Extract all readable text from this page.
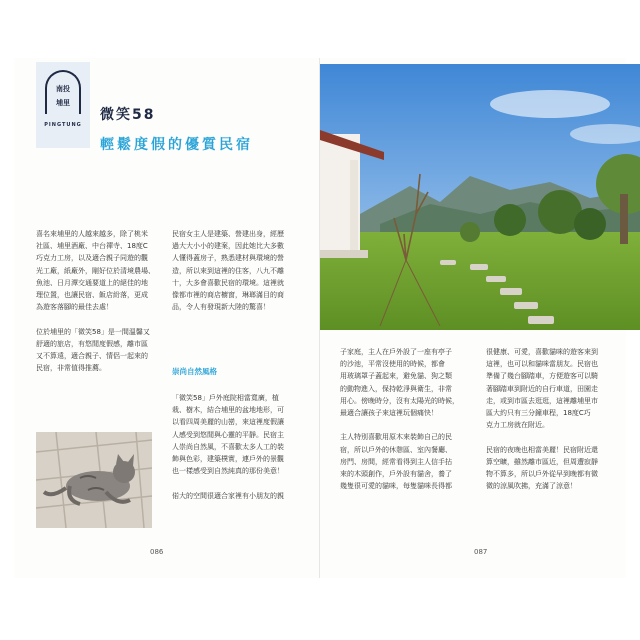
南投
埔里
PINGTUNG
微笑58
輕鬆度假的優質民宿
喜名來埔里的人越來越多，除了桃米
社區、埔里酒廠、中台禪寺、18度C
巧克力工房，以及適合親子同遊的觀
光工廠，紙廠外，剛好位於清境農場、
魚池、日月潭交通要道上的絕佳的地
理位置，也讓民宿、飯店紛落，更成
為遊客落腳的最佳去處！

位於埔里的「微笑58」是一間溫馨又
舒適的旅店，有悠閒度假感，離市區
又不算遠，適合親子、情侶一起來的
民宿，非常值得推薦。
民宿女主人是建築、營建出身，經歷
過大大小小的建案，因此她比大多數
人懂得蓋房子，熟悉建材與環境的營
造，所以來到這裡的住客，八九不離
十，大多會喜歡民宿的環境。這裡就
像都市裡的商店櫥窗，琳瑯滿目的商
品，令人有發現新大陸的驚喜！
崇尚自然風格
「微笑58」戶外庭院相當寬廣，植
栽、樹木，結合埔里的盆地地形，可
以看四周美麗的山巒，來這裡度假讓
人感受到悠閒與心靈的平靜。民宿主
人崇尚自然風，不喜歡太多人工的裝
飾與色彩，建築樸實，連戶外的景觀
也一樣感受到自然純真的那份美意！

偌大的空間很適合家裡有小朋友的親
086
子家庭，主人在戶外設了一座有亭子
的沙池，平常沒使用的時候，都會
用玻璃罩子蓋起來，避免貓、狗之類
的動物進入，保持乾淨與衛生，非常
用心。傍晚時分，沒有太陽光的時候，
最適合讓孩子來這裡玩個痛快！

主人特別喜歡用原木來裝飾自己的民
宿，所以戶外的休憩區、室內餐廳、
房門、房間，經常看得到主人信手拈
來的木頭創作，戶外設有貓舍，養了
幾隻很可愛的貓咪，每隻貓咪長得都
很健康、可愛，喜歡貓咪的遊客來到
這裡，也可以和貓咪當朋友。民宿也
準備了幾台腳踏車，方便遊客可以騎
著腳踏車到附近的自行車道，田園走
走，或到市區去逛逛，這裡離埔里市
區大約只有三分鐘車程，18度C巧
克力工房就在附近。

民宿的夜晚也相當美麗！民宿附近還
算空曠，雖然離市區近，但周遭寂靜
物不算多，所以戶外從早到晚都有微
微的涼風吹拂，充滿了涼意！
087
